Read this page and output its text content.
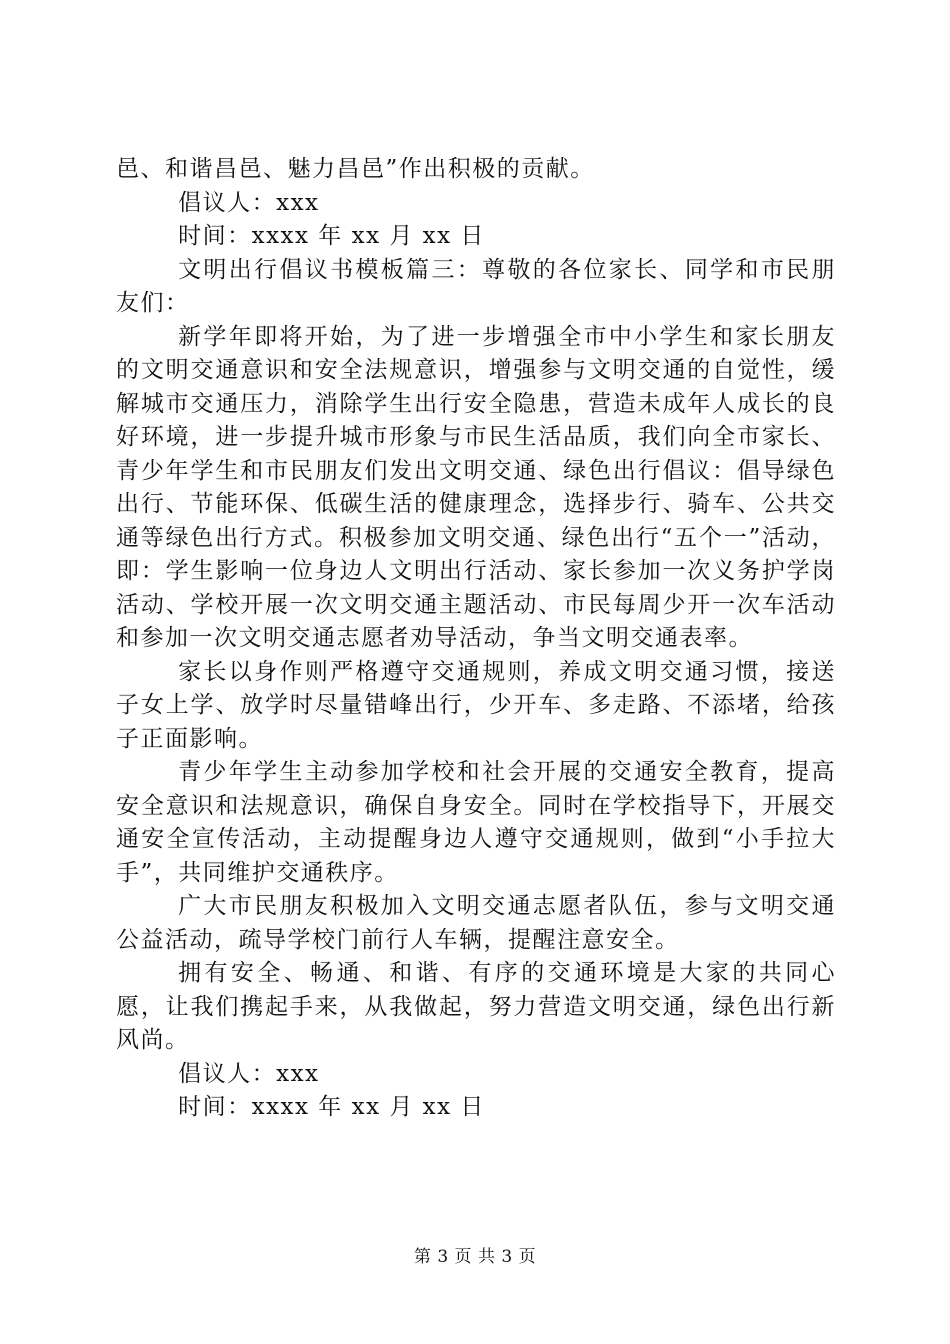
邑、和谐昌邑、魅力昌邑”作出积极的贡献。

倡议人：xxx

时间：xxxx 年 xx 月 xx 日

文明出行倡议书模板篇三：尊敬的各位家长、同学和市民朋友们：

新学年即将开始，为了进一步增强全市中小学生和家长朋友的文明交通意识和安全法规意识，增强参与文明交通的自觉性，缓解城市交通压力，消除学生出行安全隐患，营造未成年人成长的良好环境，进一步提升城市形象与市民生活品质，我们向全市家长、青少年学生和市民朋友们发出文明交通、绿色出行倡议：倡导绿色出行、节能环保、低碳生活的健康理念，选择步行、骑车、公共交通等绿色出行方式。积极参加文明交通、绿色出行“五个一”活动，即：学生影响一位身边人文明出行活动、家长参加一次义务护学岗活动、学校开展一次文明交通主题活动、市民每周少开一次车活动和参加一次文明交通志愿者劝导活动，争当文明交通表率。

家长以身作则严格遵守交通规则，养成文明交通习惯，接送子女上学、放学时尽量错峰出行，少开车、多走路、不添堵，给孩子正面影响。

青少年学生主动参加学校和社会开展的交通安全教育，提高安全意识和法规意识，确保自身安全。同时在学校指导下，开展交通安全宣传活动，主动提醒身边人遵守交通规则，做到“小手拉大手”，共同维护交通秩序。

广大市民朋友积极加入文明交通志愿者队伍，参与文明交通公益活动，疏导学校门前行人车辆，提醒注意安全。

拥有安全、畅通、和谐、有序的交通环境是大家的共同心愿，让我们携起手来，从我做起，努力营造文明交通，绿色出行新风尚。

倡议人：xxx

时间：xxxx 年 xx 月 xx 日

第 3 页 共 3 页
